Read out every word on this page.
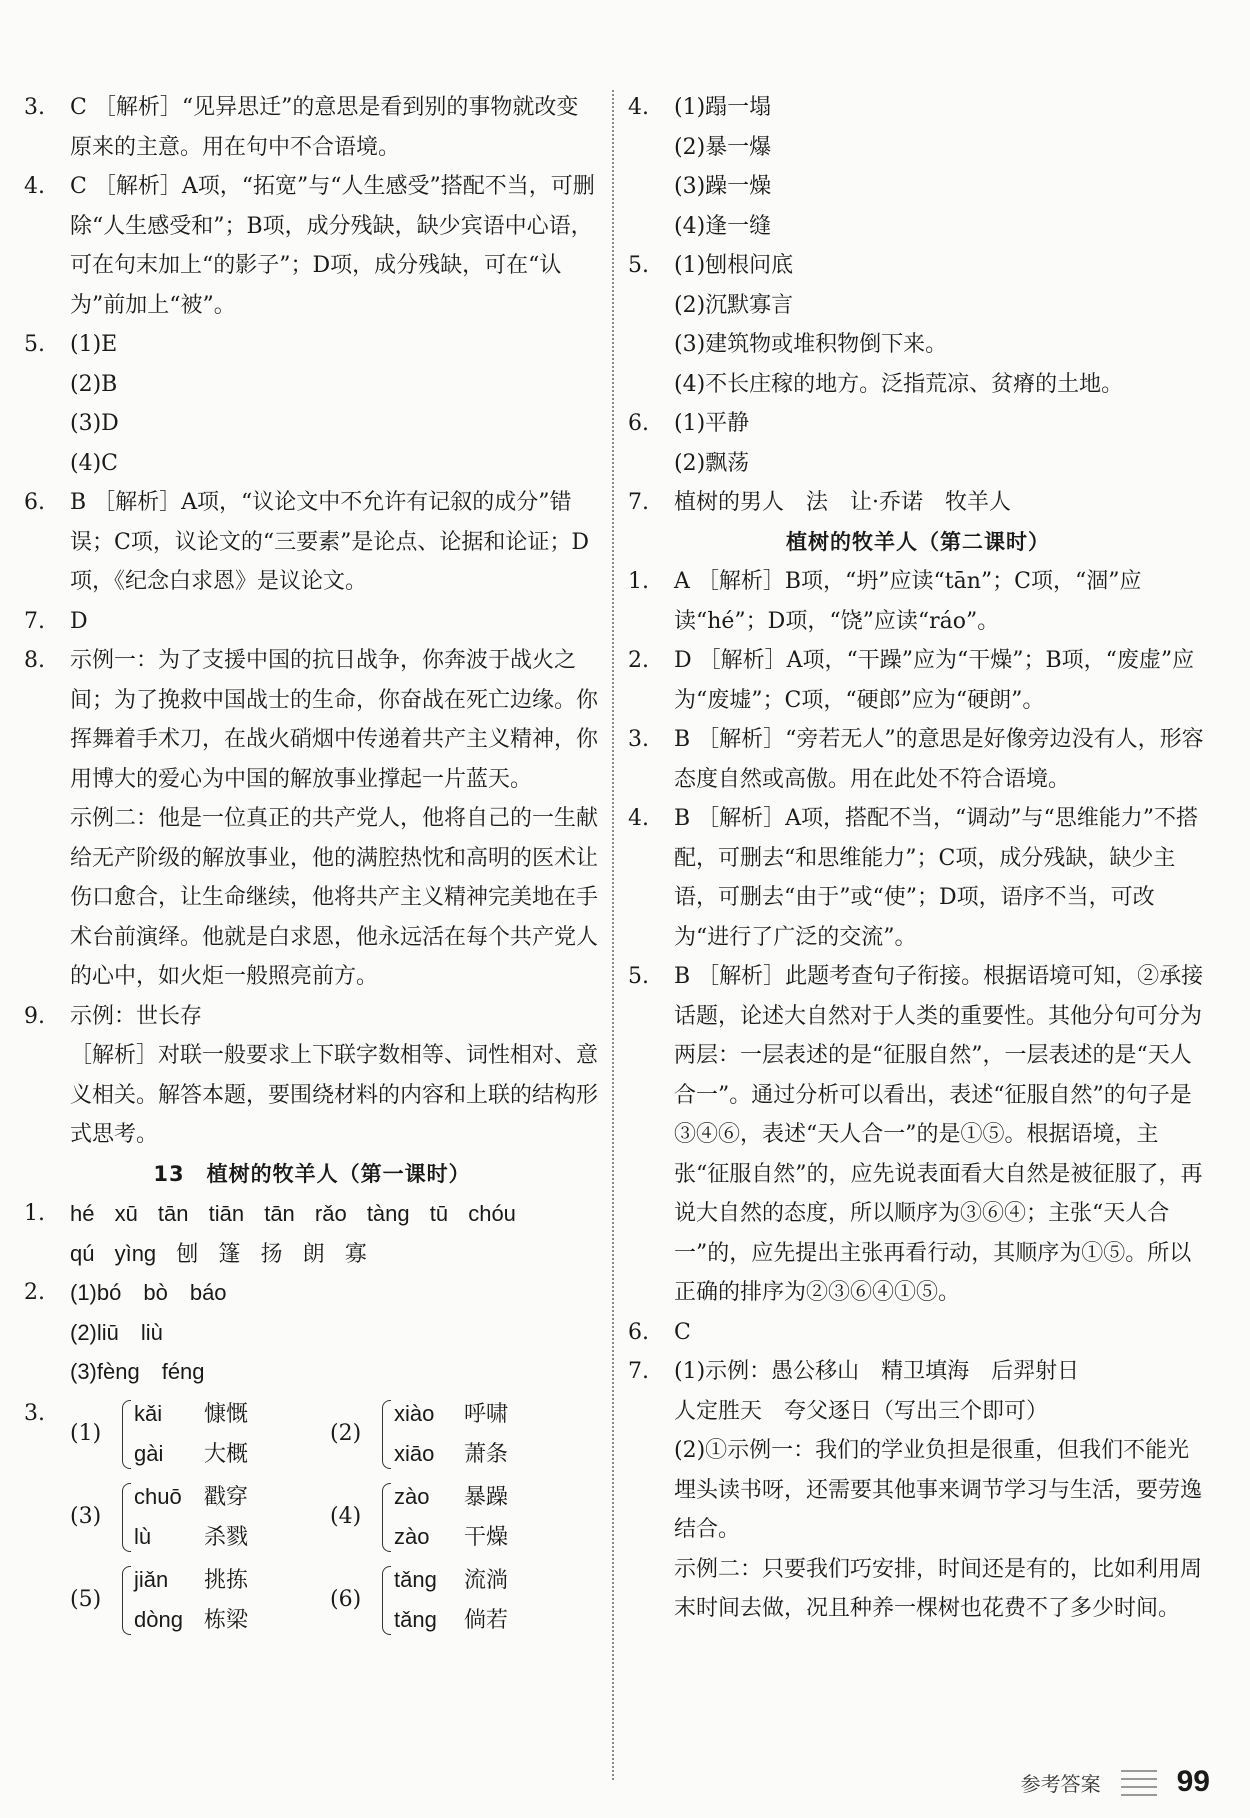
3.	C ［解析］“见异思迁”的意思是看到别的事物就改变原来的主意。用在句中不合语境。
4.	C ［解析］A项，“拓宽”与“人生感受”搭配不当，可删除“人生感受和”；B项，成分残缺，缺少宾语中心语，可在句末加上“的影子”；D项，成分残缺，可在“认为”前加上“被”。
5.	(1)E
(2)B
(3)D
(4)C
6.	B ［解析］A项，“议论文中不允许有记叙的成分”错误；C项，议论文的“三要素”是论点、论据和论证；D项，《纪念白求恩》是议论文。
7.	D
8.	示例一：为了支援中国的抗日战争，你奔波于战火之间；为了挽救中国战士的生命，你奋战在死亡边缘。你挥舞着手术刀，在战火硝烟中传递着共产主义精神，你用博大的爱心为中国的解放事业撑起一片蓝天。
示例二：他是一位真正的共产党人，他将自己的一生献给无产阶级的解放事业，他的满腔热忱和高明的医术让伤口愈合，让生命继续，他将共产主义精神完美地在手术台前演绎。他就是白求恩，他永远活在每个共产党人的心中，如火炬一般照亮前方。
9.	示例：世长存
［解析］对联一般要求上下联字数相等、词性相对、意义相关。解答本题，要围绕材料的内容和上联的结构形式思考。
13　植树的牧羊人（第一课时）
1.	hé xū tān tiān tān rǎo tàng tū chóu
qú yìng 刨 篷 扬 朗 寡
2.	(1)bó　bò　báo
(2)liū　liù
(3)fèng　féng
3.
(1)
kǎi 慷慨
gài 大概
(2)
xiào 呼啸
xiāo 萧条
(3)
chuō 戳穿
lù 杀戮
(4)
zào 暴躁
zào 干燥
(5)
jiǎn 挑拣
dòng 栋梁
(6)
tǎng 流淌
tǎng 倘若
4.	(1)蹋一塌
(2)暴一爆
(3)躁一燥
(4)逢一缝
5.	(1)刨根问底
(2)沉默寡言
(3)建筑物或堆积物倒下来。
(4)不长庄稼的地方。泛指荒凉、贫瘠的土地。
6.	(1)平静
(2)飘荡
7.	植树的男人　法　让·乔诺　牧羊人
植树的牧羊人（第二课时）
1.	A ［解析］B项，“坍”应读“tān”；C项，“涸”应读“hé”；D项，“饶”应读“ráo”。
2.	D ［解析］A项，“干躁”应为“干燥”；B项，“废虚”应为“废墟”；C项，“硬郎”应为“硬朗”。
3.	B ［解析］“旁若无人”的意思是好像旁边没有人，形容态度自然或高傲。用在此处不符合语境。
4.	B ［解析］A项，搭配不当，“调动”与“思维能力”不搭配，可删去“和思维能力”；C项，成分残缺，缺少主语，可删去“由于”或“使”；D项，语序不当，可改为“进行了广泛的交流”。
5.	B ［解析］此题考查句子衔接。根据语境可知，②承接话题，论述大自然对于人类的重要性。其他分句可分为两层：一层表述的是“征服自然”，一层表述的是“天人合一”。通过分析可以看出，表述“征服自然”的句子是③④⑥，表述“天人合一”的是①⑤。根据语境，主张“征服自然”的，应先说表面看大自然是被征服了，再说大自然的态度，所以顺序为③⑥④；主张“天人合一”的，应先提出主张再看行动，其顺序为①⑤。所以正确的排序为②③⑥④①⑤。
6.	C
7.	(1)示例：愚公移山　精卫填海　后羿射日
人定胜天　夸父逐日（写出三个即可）
(2)①示例一：我们的学业负担是很重，但我们不能光埋头读书呀，还需要其他事来调节学习与生活，要劳逸结合。
示例二：只要我们巧安排，时间还是有的，比如利用周末时间去做，况且种养一棵树也花费不了多少时间。
参考答案	99
